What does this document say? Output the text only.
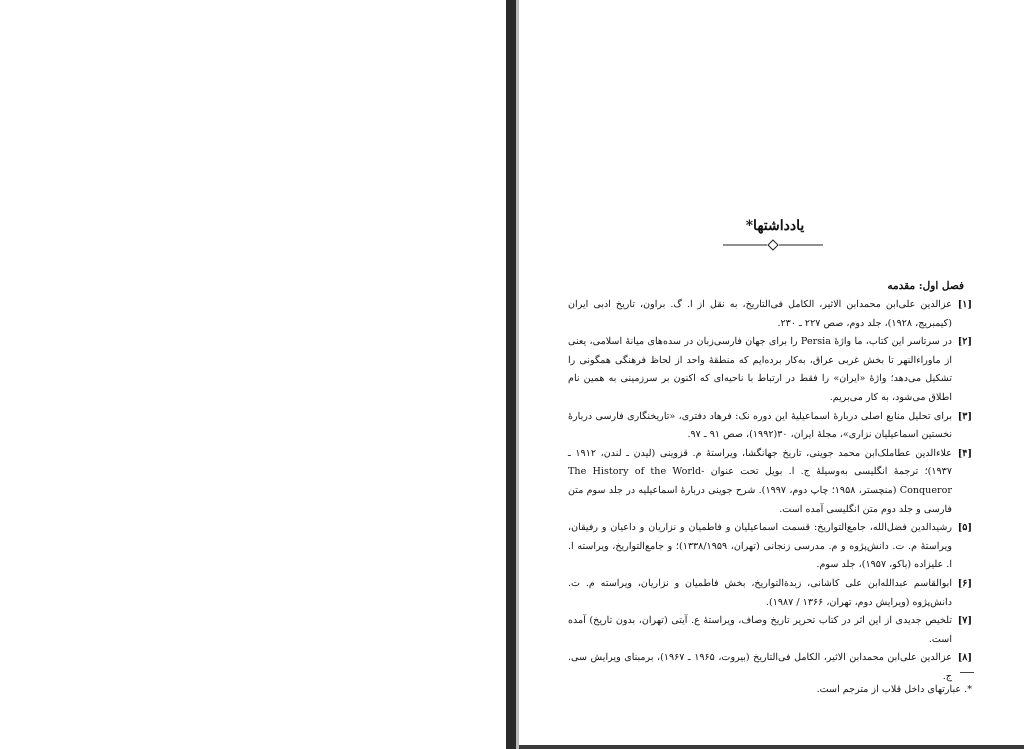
یادداشتها*
فصل اول: مقدمه
[۱]
عزالدین علی‌ابن محمدابن الاثیر، الکامل فی‌التاریخ، به نقل از ا. گ. براون، تاریخ ادبی ایران (کیمبریج، ۱۹۲۸)، جلد دوم، صص ۲۲۷ ـ ۲۳۰.
[۲]
در سرتاسر این کتاب، ما واژهٔ Persia را برای جهان فارسی‌زبان در سده‌های میانهٔ اسلامی، یعنی از ماوراءالنهر تا بخش غربی عراق، به‌کار برده‌ایم که منطقهٔ واحد از لحاظ فرهنگی همگونی را تشکیل می‌دهد؛ واژهٔ «ایران» را فقط در ارتباط با ناحیه‌ای که اکنون بر سرزمینی به همین نام اطلاق می‌شود، به کار می‌بریم.
[۳]
برای تحلیل منابع اصلی دربارهٔ اسماعیلیهٔ این دوره نک: فرهاد دفتری، «تاریخنگاری فارسی دربارهٔ نخستین اسماعیلیان نزاری»، مجلهٔ ایران، ۳۰(۱۹۹۲)، صص ۹۱ ـ ۹۷.
[۴]
علاءالدین عطاملک‌ابن محمد جوینی، تاریخ جهانگشا، ویراستهٔ م. قزوینی (لیدن ـ لندن، ۱۹۱۲ ـ ۱۹۳۷)؛ ترجمهٔ انگلیسی به‌وسیلهٔ ج. ا. بویل تحت عنوان The History of the World-Conqueror (منچستر، ۱۹۵۸؛ چاپ دوم، ۱۹۹۷). شرح جوینی دربارهٔ اسماعیلیه در جلد سوم متن فارسی و جلد دوم متن انگلیسی آمده است.
[۵]
رشیدالدین فضل‌الله، جامع‌التواریخ: قسمت اسماعیلیان و فاطمیان و نزاریان و داعیان و رفیقان، ویراستهٔ م. ت. دانش‌پژوه و م. مدرسی زنجانی (تهران، ۱۳۳۸/۱۹۵۹)؛ و جامع‌التواریخ، ویراسته ا. ا. علیزاده (باکو، ۱۹۵۷)، جلد سوم.
[۶]
ابوالقاسم عبدالله‌ابن علی کاشانی، زبدة‌التواریخ، بخش فاطمیان و نزاریان، ویراسته م. ت. دانش‌پژوه (ویرایش دوم، تهران، ۱۳۶۶ / ۱۹۸۷).
[۷]
تلخیص جدیدی از این اثر در کتاب تحریر تاریخ وصاف، ویراستهٔ ع. آیتی (تهران، بدون تاریخ) آمده است.
[۸]
عزالدین علی‌ابن محمدابن الاثیر، الکامل فی‌التاریخ (بیروت، ۱۹۶۵ ـ ۱۹۶۷)، برمبنای ویرایش سی. ج.
*. عبارتهای داخل قلاب از مترجم است.
